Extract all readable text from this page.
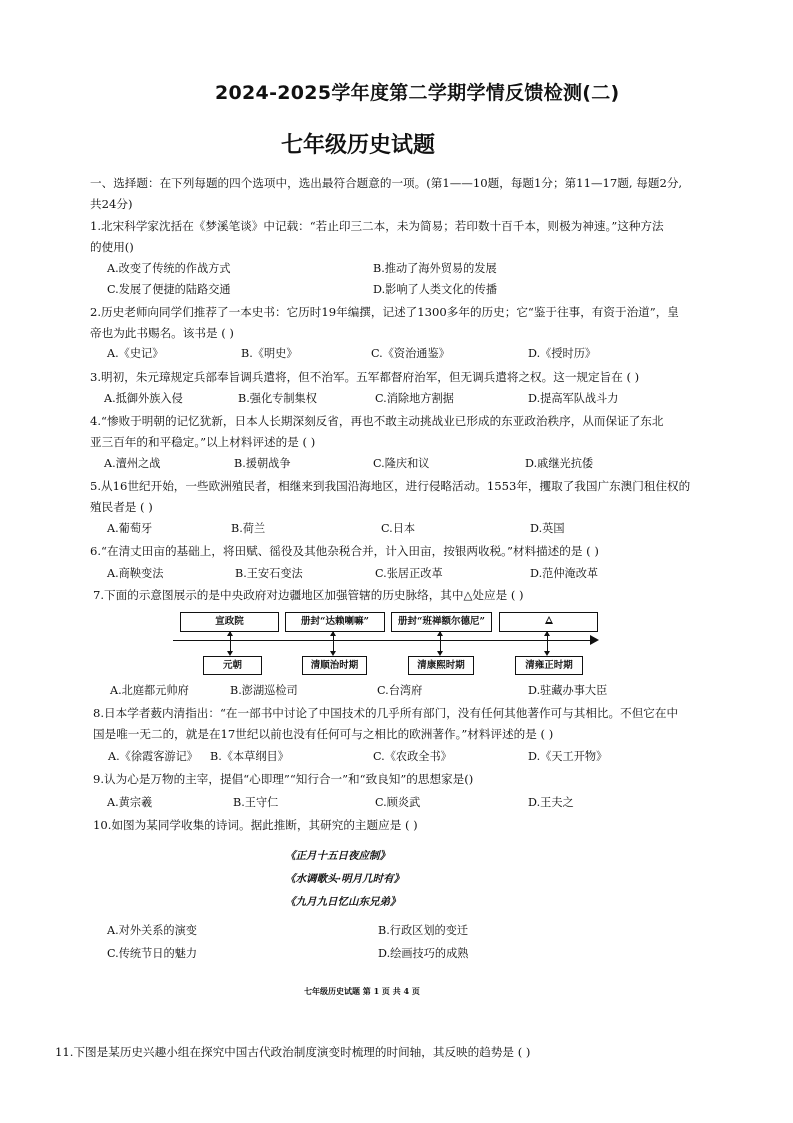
2024-2025学年度第二学期学情反馈检测(二)
七年级历史试题
一、选择题：在下列每题的四个选项中，选出最符合题意的一项。(第1——10题，每题1分；第11—17题, 每题2分,
共24分)
1.北宋科学家沈括在《梦溪笔谈》中记载：“若止印三二本，未为简易；若印数十百千本，则极为神速。”这种方法
的使用()
A.改变了传统的作战方式	B.推动了海外贸易的发展
C.发展了便捷的陆路交通	D.影响了人类文化的传播
2.历史老师向同学们推荐了一本史书：它历时19年编撰，记述了1300多年的历史；它“鉴于往事，有资于治道”，皇
帝也为此书赐名。该书是 ( )
A.《史记》	B.《明史》	C.《资治通鉴》	D.《授时历》
3.明初，朱元璋规定兵部奉旨调兵遣将，但不治军。五军都督府治军，但无调兵遣将之权。这一规定旨在 ( )
A.抵御外族入侵	B.强化专制集权	C.消除地方割据	D.提高军队战斗力
4.“惨败于明朝的记忆犹新，日本人长期深刻反省，再也不敢主动挑战业已形成的东亚政治秩序，从而保证了东北
亚三百年的和平稳定。”以上材料评述的是 ( )
A.澶州之战	B.援朝战争	C.隆庆和议	D.戚继光抗倭
5.从16世纪开始，一些欧洲殖民者，相继来到我国沿海地区，进行侵略活动。1553年，攫取了我国广东澳门租住权的
殖民者是 ( )
A.葡萄牙	B.荷兰	C.日本	D.英国
6.“在清丈田亩的基础上，将田赋、徭役及其他杂税合并，计入田亩，按银两收税。”材料描述的是 ( )
A.商鞅变法	B.王安石变法	C.张居正改革	D.范仲淹改革
7.下面的示意图展示的是中央政府对边疆地区加强管辖的历史脉络，其中△处应是 ( )
宣政院	册封“达赖喇嘛”	册封“班禅额尔德尼”
元朝	清顺治时期	清康熙时期	清雍正时期
A.北庭都元帅府	B.澎湖巡检司	C.台湾府	D.驻藏办事大臣
8.日本学者薮内清指出：“在一部书中讨论了中国技术的几乎所有部门，没有任何其他著作可与其相比。不但它在中
国是唯一无二的，就是在17世纪以前也没有任何可与之相比的欧洲著作。”材料评述的是 ( )
A.《徐霞客游记》 B.《本草纲目》	C.《农政全书》	D.《天工开物》
9.认为心是万物的主宰，提倡“心即理”“知行合一”和“致良知”的思想家是()
A.黄宗羲	B.王守仁	C.顾炎武	D.王夫之
10.如图为某同学收集的诗词。据此推断，其研究的主题应是 ( )
《正月十五日夜应制》
《水调歌头·明月几时有》
《九月九日忆山东兄弟》
A.对外关系的演变	B.行政区划的变迁
C.传统节日的魅力	D.绘画技巧的成熟
七年级历史试题 第 1 页 共 4 页
11.下图是某历史兴趣小组在探究中国古代政治制度演变时梳理的时间轴，其反映的趋势是 ( )
